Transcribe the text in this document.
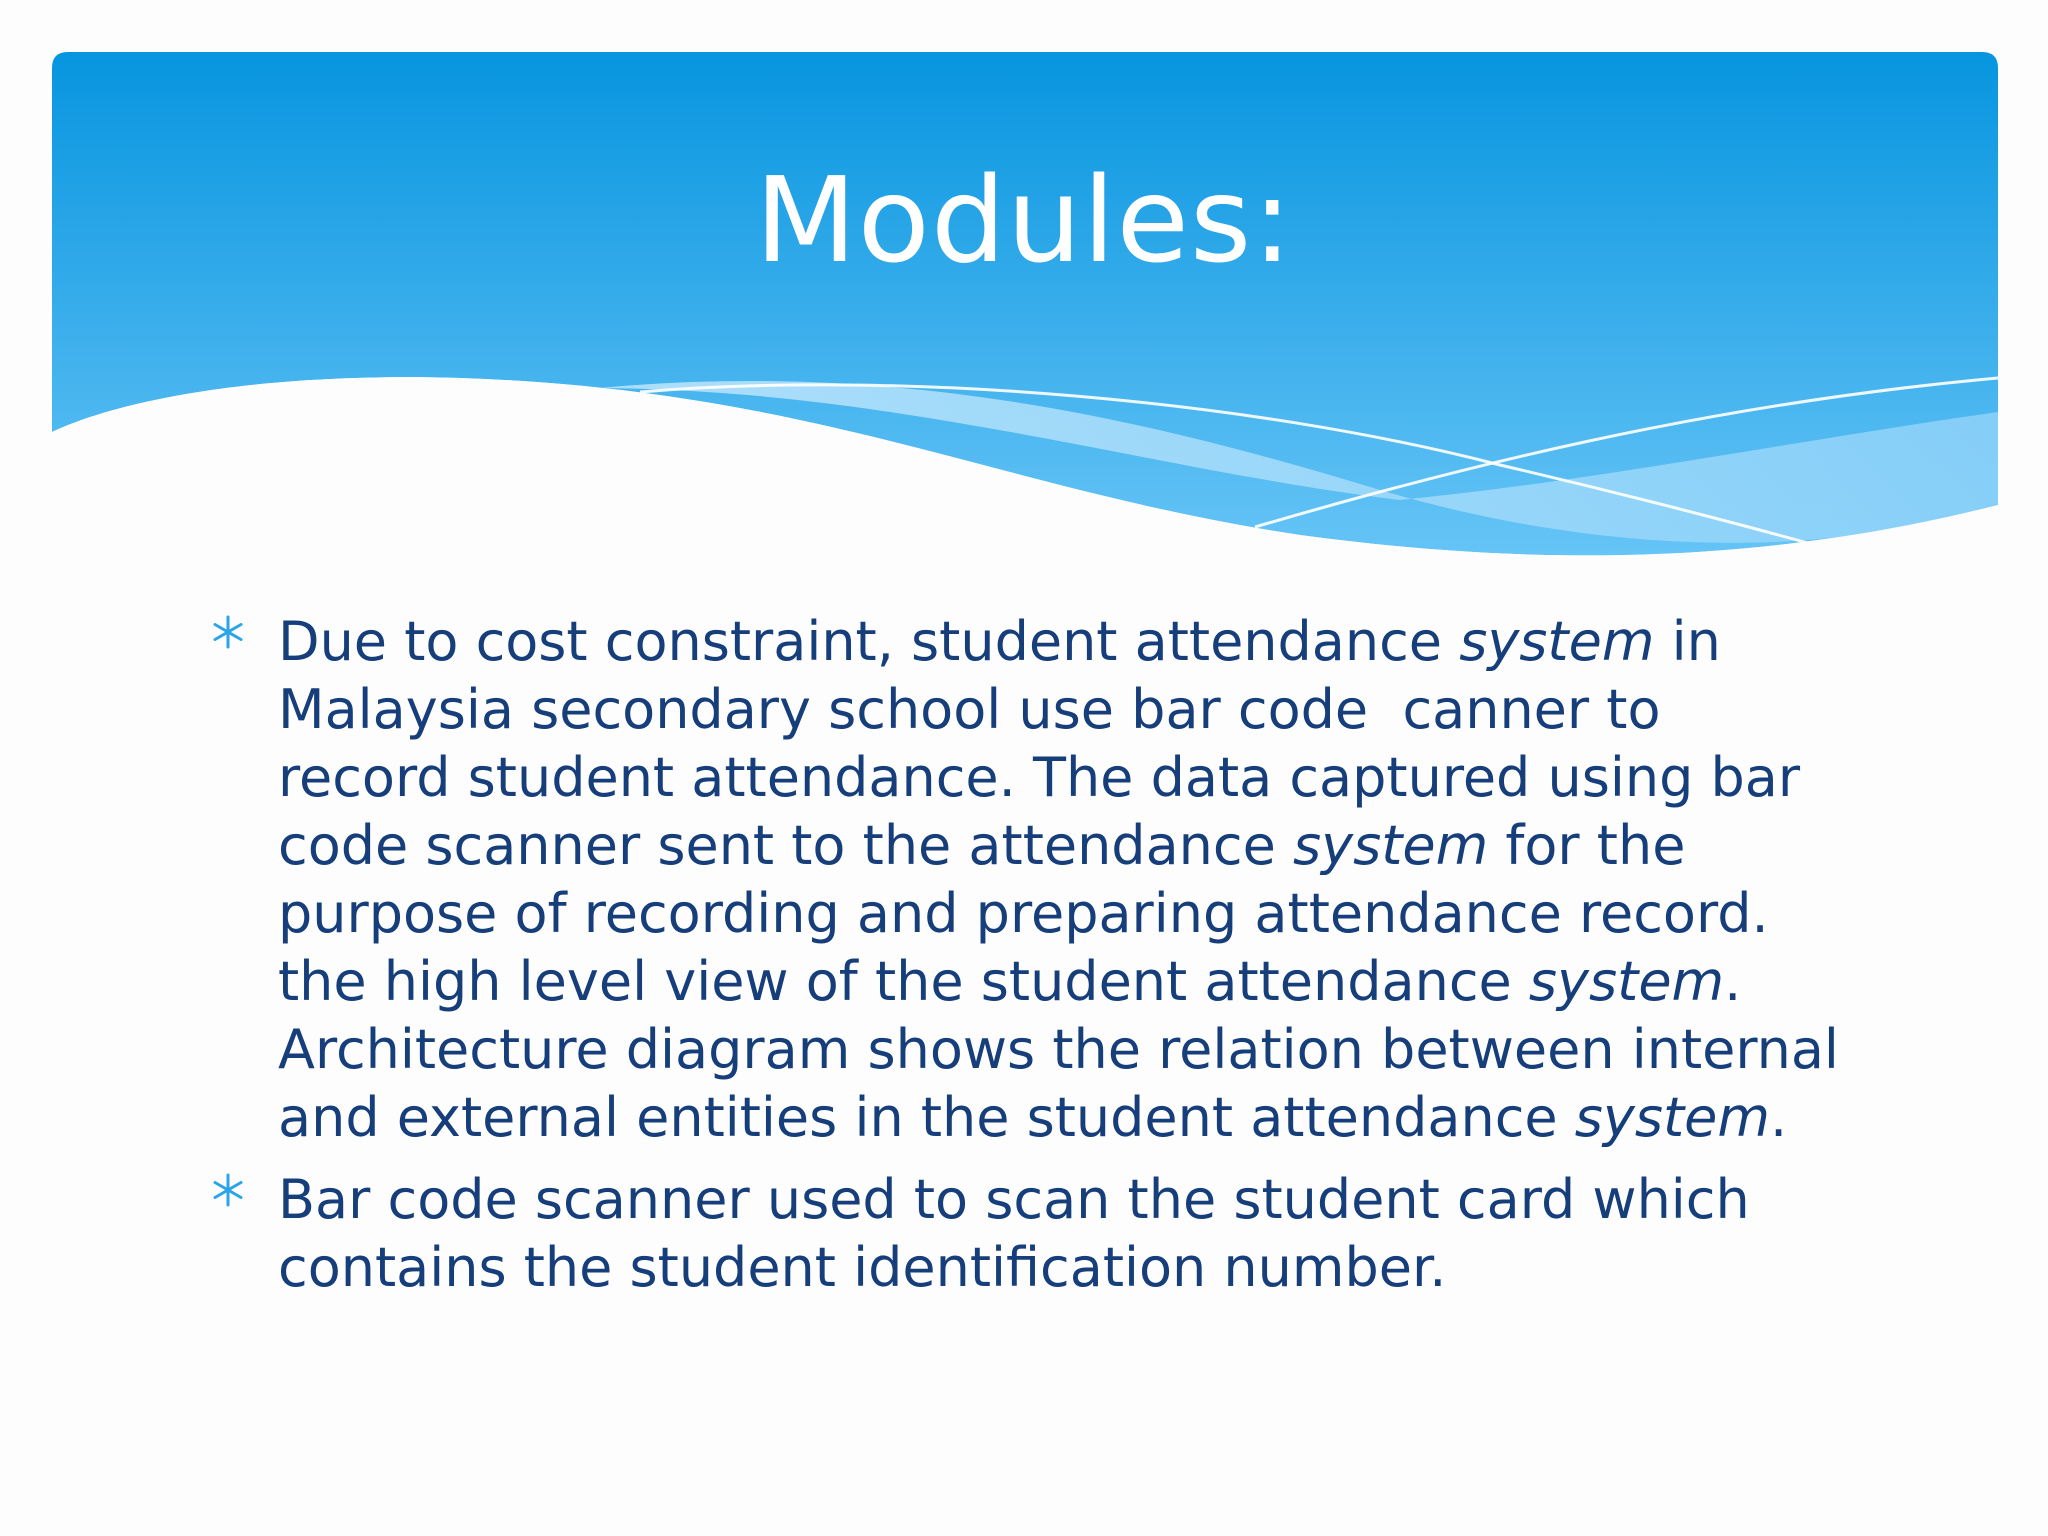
Modules:
Due to cost constraint, student attendance system in Malaysia secondary school use bar code  canner to record student attendance. The data captured using bar code scanner sent to the attendance system for the purpose of recording and preparing attendance record. the high level view of the student attendance system. Architecture diagram shows the relation between internal and external entities in the student attendance system.
Bar code scanner used to scan the student card which contains the student identification number.
